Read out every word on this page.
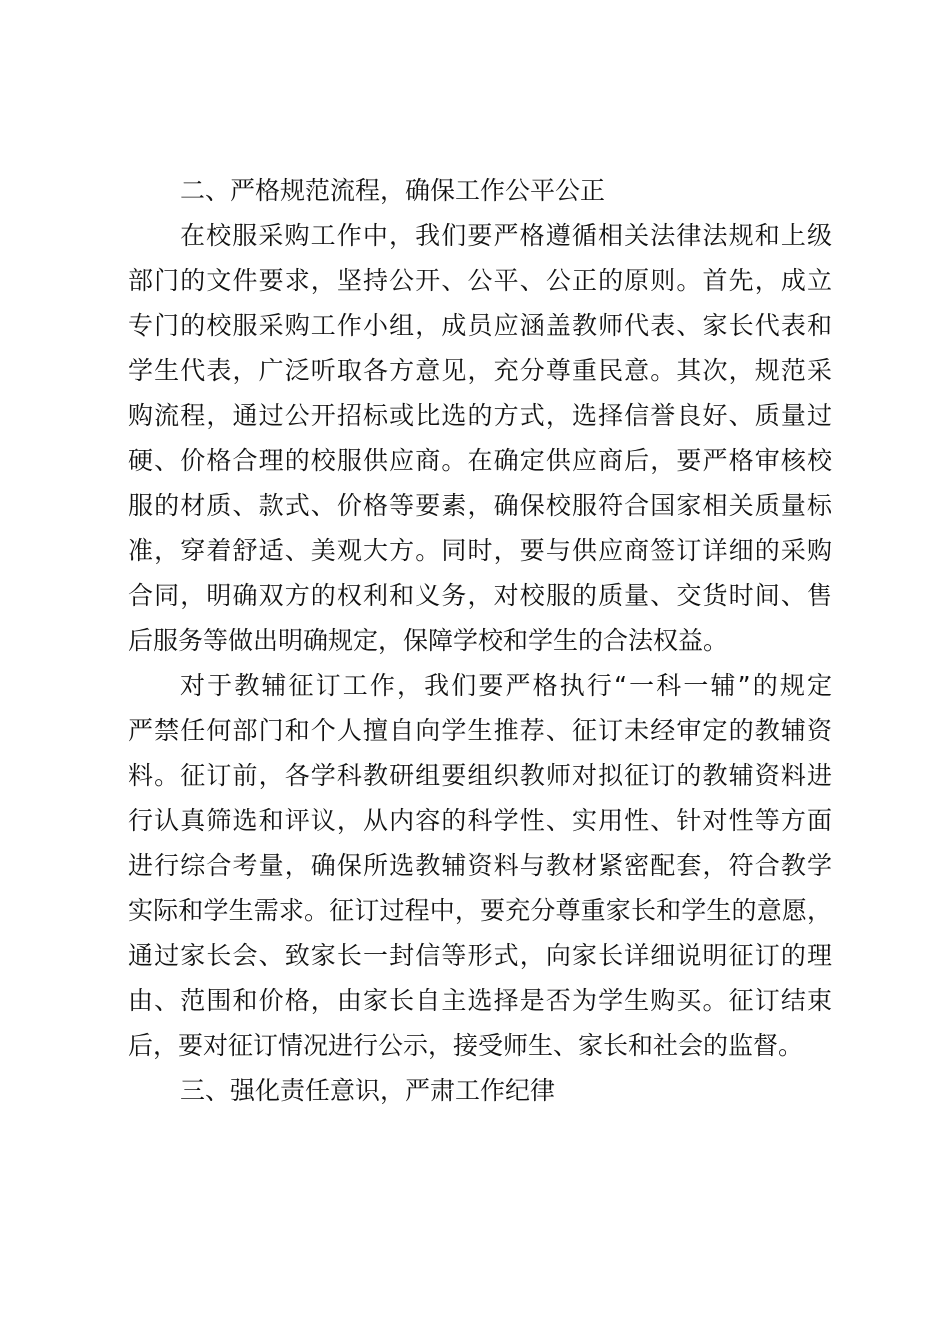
二、严格规范流程，确保工作公平公正
在校服采购工作中，我们要严格遵循相关法律法规和上级
部门的文件要求，坚持公开、公平、公正的原则。首先，成立
专门的校服采购工作小组，成员应涵盖教师代表、家长代表和
学生代表，广泛听取各方意见，充分尊重民意。其次，规范采
购流程，通过公开招标或比选的方式，选择信誉良好、质量过
硬、价格合理的校服供应商。在确定供应商后，要严格审核校
服的材质、款式、价格等要素，确保校服符合国家相关质量标
准，穿着舒适、美观大方。同时，要与供应商签订详细的采购
合同，明确双方的权利和义务，对校服的质量、交货时间、售
后服务等做出明确规定，保障学校和学生的合法权益。
对于教辅征订工作，我们要严格执行“一科一辅”的规定
严禁任何部门和个人擅自向学生推荐、征订未经审定的教辅资
料。征订前，各学科教研组要组织教师对拟征订的教辅资料进
行认真筛选和评议，从内容的科学性、实用性、针对性等方面
进行综合考量，确保所选教辅资料与教材紧密配套，符合教学
实际和学生需求。征订过程中，要充分尊重家长和学生的意愿，
通过家长会、致家长一封信等形式，向家长详细说明征订的理
由、范围和价格，由家长自主选择是否为学生购买。征订结束
后，要对征订情况进行公示，接受师生、家长和社会的监督。
三、强化责任意识，严肃工作纪律
